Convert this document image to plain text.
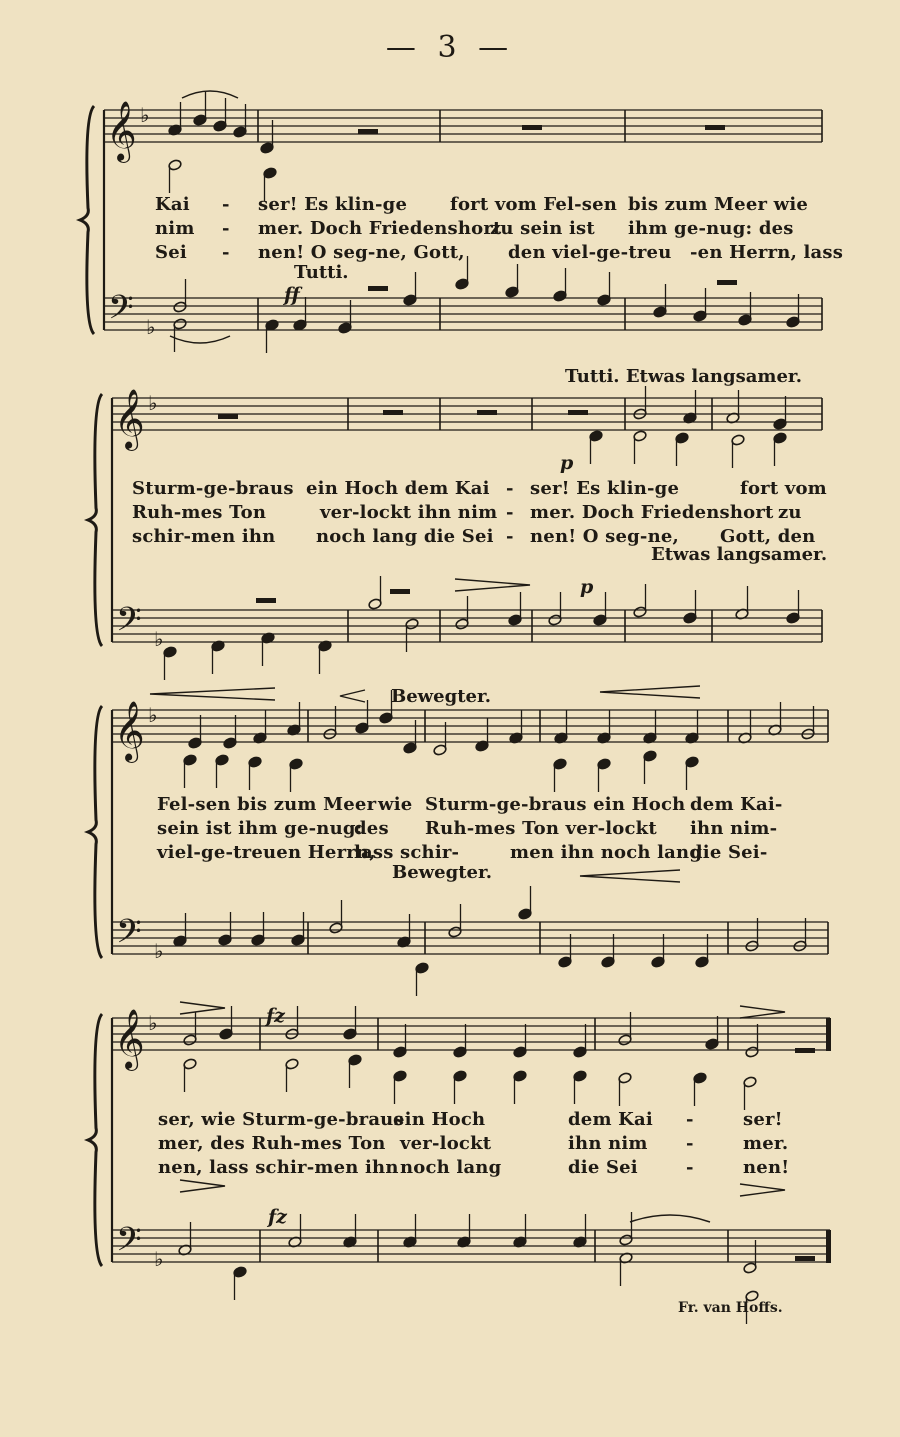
𝄞 ♭
𝄢 ♭
𝄞 ♭
𝄢 ♭
𝄞 ♭
𝄢 ♭
𝄞 ♭
𝄢 ♭
— 3 —
Kai - ser! Es klin-ge fort vom Fel-sen bis zum Meer wie
nim - mer. Doch Friedenshort
zu sein ist ihm ge-nug: des
Sei - nen! O seg-ne, Gott, den viel-ge-treu -en Herrn, lass
Tutti.
ff
Tutti. Etwas langsamer.
p
Sturm-ge-braus ein Hoch dem Kai - ser! Es klin-ge	fort vom
Ruh-mes Ton	ver-lockt ihn nim - mer. Doch Friedenshort zu
schir-men ihn noch lang die Sei - nen! O seg-ne, Gott, den
Etwas langsamer.
p
Bewegter.
Fel-sen bis zum Meer wie Sturm-ge-braus ein Hoch dem Kai-
sein ist ihm ge-nug:
des Ruh-mes Ton ver-lockt ihn nim-
viel-ge-treuen Herrn,
lass schir-	men ihn noch lang
die Sei-
Bewegter.
fz
ser, wie Sturm-ge-braus
ein Hoch	dem Kai -	ser!
mer, des Ruh-mes Ton ver-lockt	ihn nim -	mer.
nen, lass schir-men ihn noch lang	die Sei	-	nen!
fz
Fr. van Hoffs.
